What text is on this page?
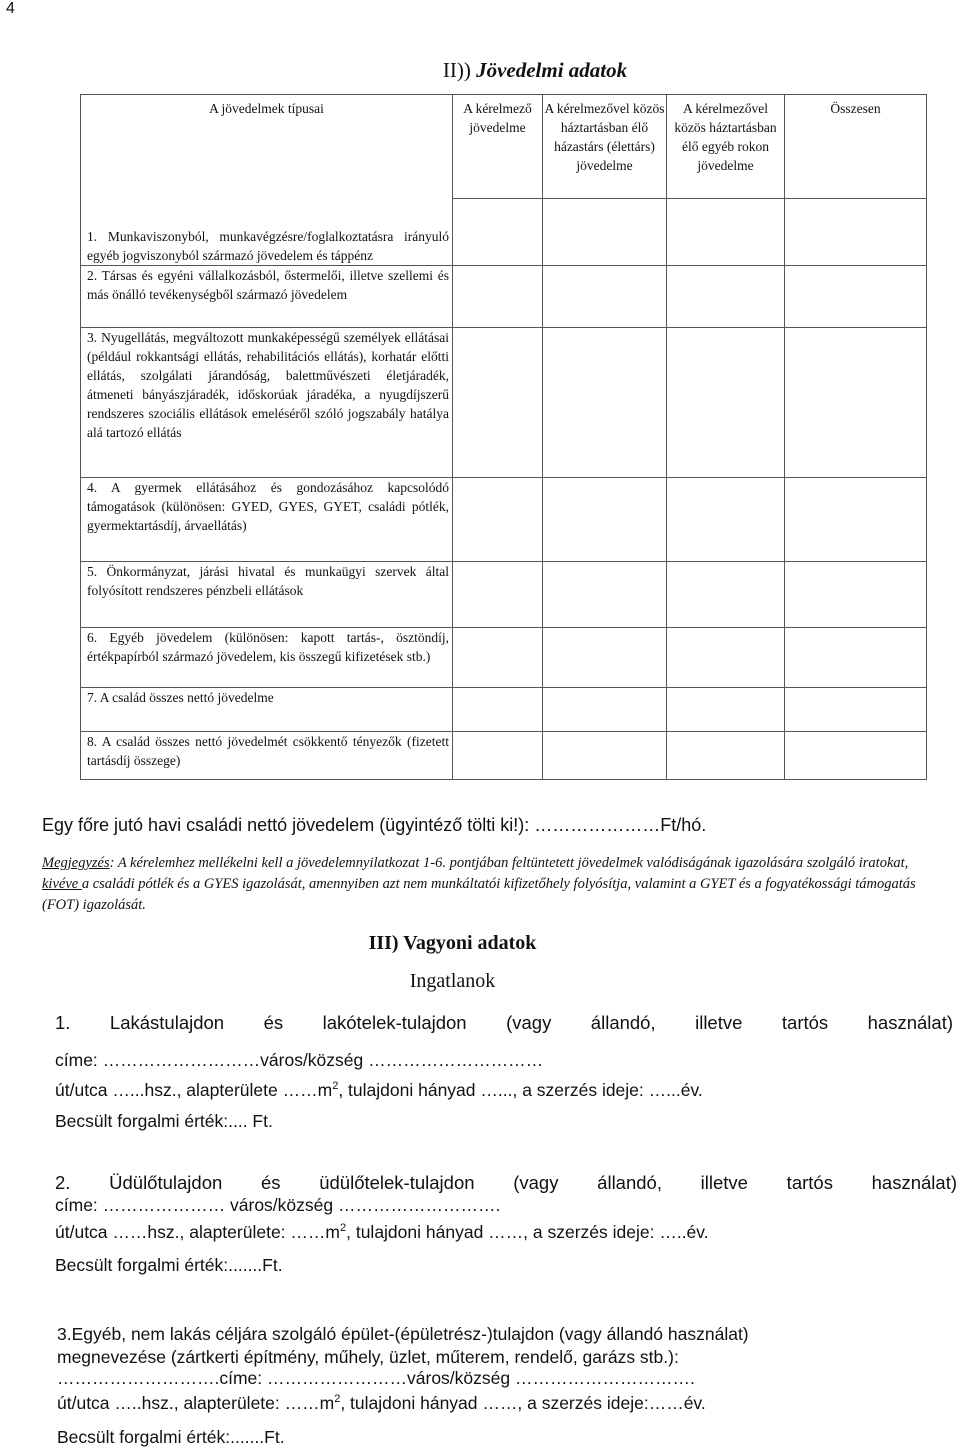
4
II)) Jövedelmi adatok
A jövedelmek típusai	A kérelmező jövedelme	A kérelmezővel közös háztartásban élő házastárs (élettárs) jövedelme	A kérelmezővel közös háztartásban élő egyéb rokon jövedelme	Összesen
1. Munkaviszonyból, munkavégzésre/foglalkoztatásra irányuló egyéb jogviszonyból származó jövedelem és táppénz				
2. Társas és egyéni vállalkozásból, őstermelői, illetve szellemi és más önálló tevékenységből származó jövedelem				
3. Nyugellátás, megváltozott munkaképességű személyek ellátásai (például rokkantsági ellátás, rehabilitációs ellátás), korhatár előtti ellátás, szolgálati járandóság, balettművészeti életjáradék, átmeneti bányászjáradék, időskorúak járadéka, a nyugdíjszerű rendszeres szociális ellátások emeléséről szóló jogszabály hatálya alá tartozó ellátás				
4. A gyermek ellátásához és gondozásához kapcsolódó támogatások (különösen: GYED, GYES, GYET, családi pótlék, gyermektartásdíj, árvaellátás)				
5. Önkormányzat, járási hivatal és munkaügyi szervek által folyósított rendszeres pénzbeli ellátások				
6. Egyéb jövedelem (különösen: kapott tartás-, ösztöndíj, értékpapírból származó jövedelem, kis összegű kifizetések stb.)				
7. A család összes nettó jövedelme				
8. A család összes nettó jövedelmét csökkentő tényezők (fizetett tartásdíj összege)				
Egy főre jutó havi családi nettó jövedelem (ügyintéző tölti ki!): …………………Ft/hó.
Megjegyzés: A kérelemhez mellékelni kell a jövedelemnyilatkozat 1-6. pontjában feltüntetett jövedelmek valódiságának igazolására szolgáló iratokat, kivéve a családi pótlék és a GYES igazolását, amennyiben azt nem munkáltatói kifizetőhely folyósítja, valamint a GYET és a fogyatékossági támogatás (FOT) igazolását.
III) Vagyoni adatok
Ingatlanok
1. Lakástulajdon és lakótelek-tulajdon (vagy állandó, illetve tartós használat)
címe: ………………………város/község …………………………
út/utca …...hsz., alapterülete $\dots\dots m^2$, tulajdoni hányad …..., a szerzés ideje: …...év.
Becsült forgalmi érték:.... Ft.
2. Üdülőtulajdon és üdülőtelek-tulajdon (vagy állandó, illetve tartós használat)
címe: ………………… város/község ……………………….
út/utca ……hsz., alapterülete: $\dots\dots m^2$, tulajdoni hányad ……, a szerzés ideje: …..év.
Becsült forgalmi érték:.......Ft.
3.Egyéb, nem lakás céljára szolgáló épület-(épületrész-)tulajdon (vagy állandó használat)
megnevezése (zártkerti építmény, műhely, üzlet, műterem, rendelő, garázs stb.):
……………………….címe: ……………………város/község ………………………….
út/utca …..hsz., alapterülete: $\dots\dots m^2$, tulajdoni hányad ……, a szerzés ideje:……év.
Becsült forgalmi érték:.......Ft.
